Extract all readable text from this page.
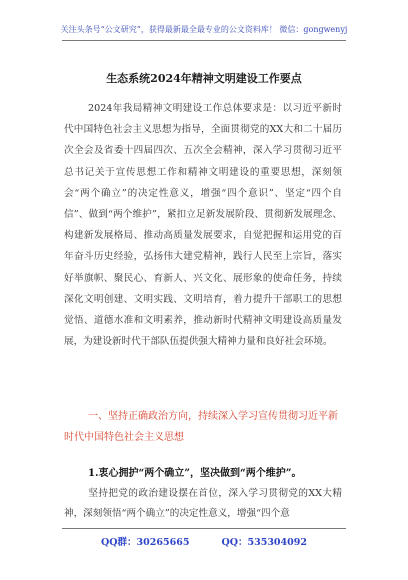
关注头条号“公文研究”，获得最新最全最专业的公文资料库！ 微信：gongwenyj
生态系统2024年精神文明建设工作要点

2024年我局精神文明建设工作总体要求是：以习近平新时代中国特色社会主义思想为指导，全面贯彻党的XX大和二十届历次全会及省委十四届四次、五次全会精神，深入学习贯彻习近平总书记关于宣传思想工作和精神文明建设的重要思想，深刻领会“两个确立”的决定性意义，增强“四个意识”、坚定“四个自信”、做到“两个维护”，紧扣立足新发展阶段、贯彻新发展理念、构建新发展格局、推动高质量发展要求，自觉把握和运用党的百年奋斗历史经验，弘扬伟大建党精神，践行人民至上宗旨，落实好举旗帜、聚民心、育新人、兴文化、展形象的使命任务，持续深化文明创建、文明实践、文明培育，着力提升干部职工的思想觉悟、道德水准和文明素养，推动新时代精神文明建设高质量发展，为建设新时代干部队伍提供强大精神力量和良好社会环境。

一、坚持正确政治方向，持续深入学习宣传贯彻习近平新时代中国特色社会主义思想

1.衷心拥护“两个确立”，坚决做到“两个维护”。

坚持把党的政治建设摆在首位，深入学习贯彻党的XX大精神，深刻领悟“两个确立”的决定性意义，增强“四个意

QQ群：30265665	QQ：535304092
